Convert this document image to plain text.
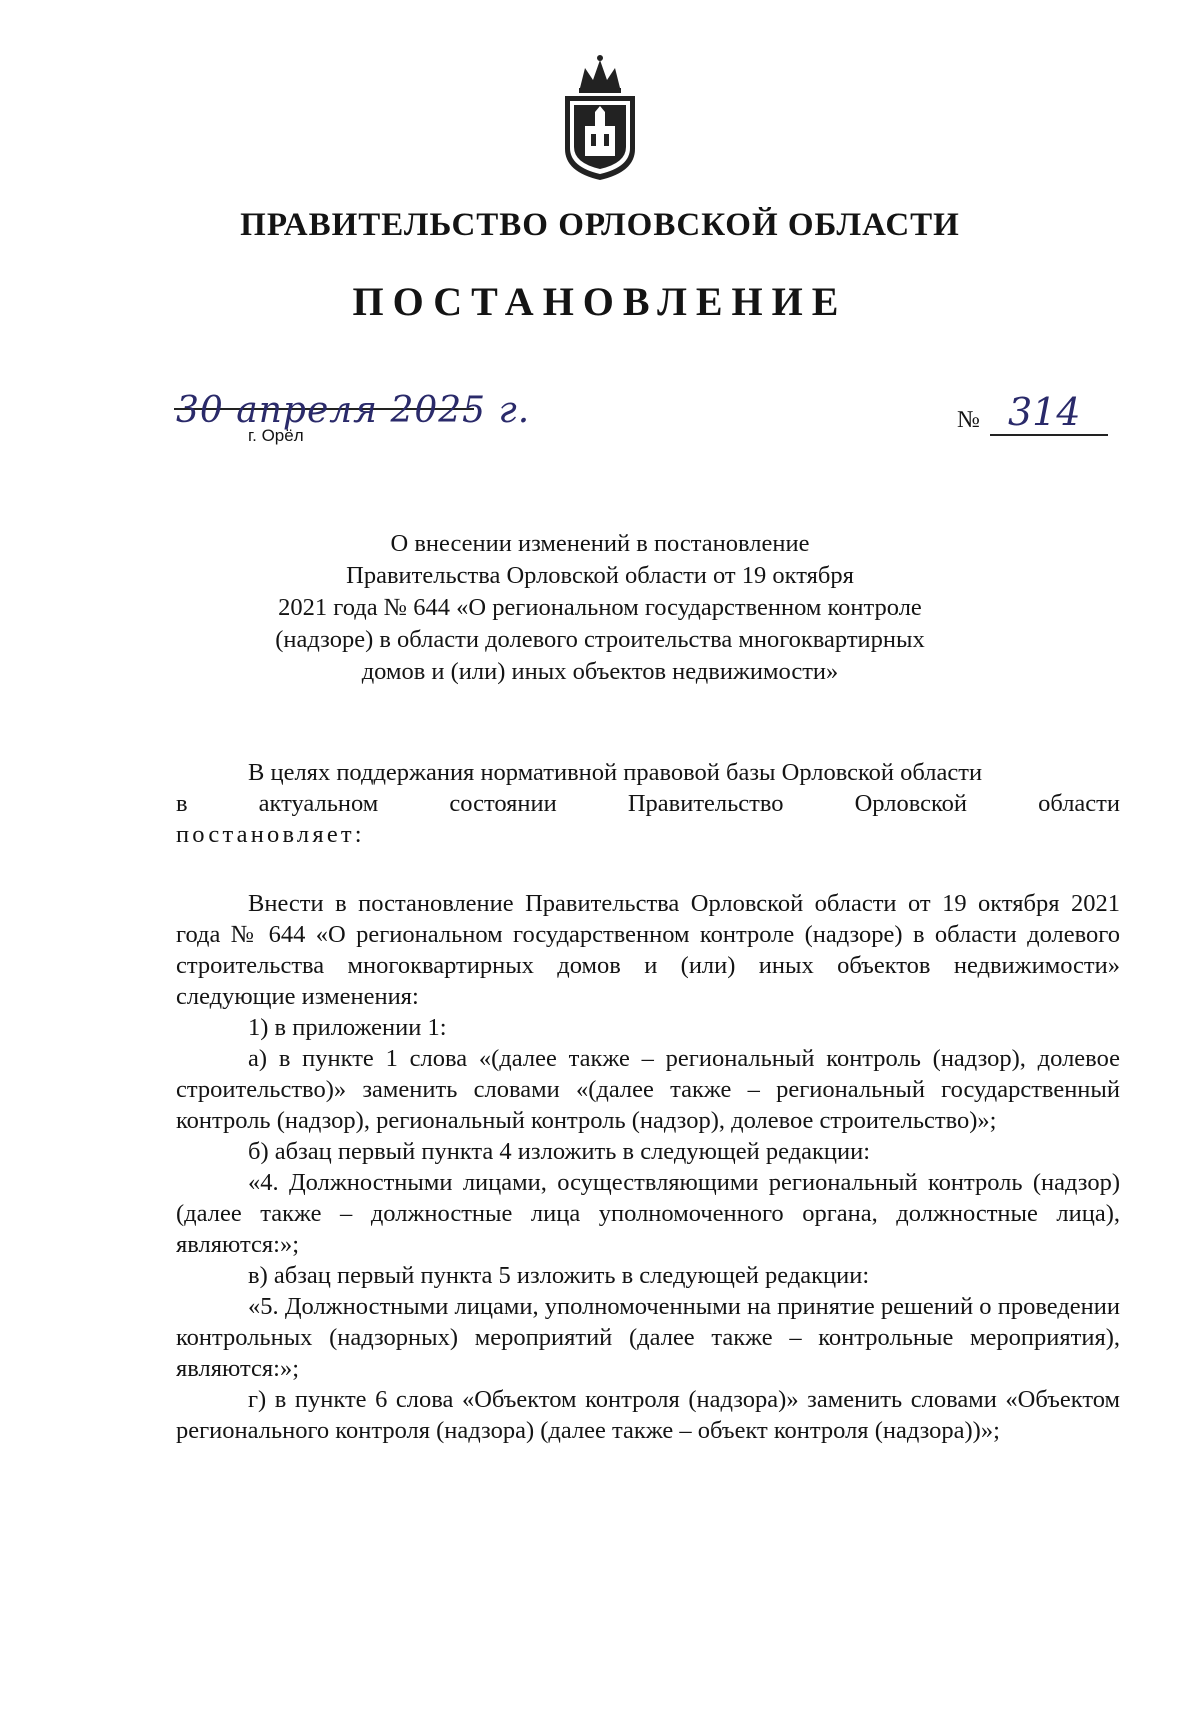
ПРАВИТЕЛЬСТВО ОРЛОВСКОЙ ОБЛАСТИ
ПОСТАНОВЛЕНИЕ
30 апреля 2025 г.
г. Орёл
№ 314
О внесении изменений в постановление
Правительства Орловской области от 19 октября
2021 года № 644 «О региональном государственном контроле
(надзоре) в области долевого строительства многоквартирных
домов и (или) иных объектов недвижимости»

В целях поддержания нормативной правовой базы Орловской области

в актуальном состоянии Правительство Орловской области

постановляет:

Внести в постановление Правительства Орловской области от 19 октября 2021 года № 644 «О региональном государственном контроле (надзоре) в области долевого строительства многоквартирных домов и (или) иных объектов недвижимости» следующие изменения:

1) в приложении 1:

а) в пункте 1 слова «(далее также – региональный контроль (надзор), долевое строительство)» заменить словами «(далее также – региональный государственный контроль (надзор), региональный контроль (надзор), долевое строительство)»;

б) абзац первый пункта 4 изложить в следующей редакции:

«4. Должностными лицами, осуществляющими региональный контроль (надзор) (далее также – должностные лица уполномоченного органа, должностные лица), являются:»;

в) абзац первый пункта 5 изложить в следующей редакции:

«5. Должностными лицами, уполномоченными на принятие решений о проведении контрольных (надзорных) мероприятий (далее также – контрольные мероприятия), являются:»;

г) в пункте 6 слова «Объектом контроля (надзора)» заменить словами «Объектом регионального контроля (надзора) (далее также – объект контроля (надзора))»;
